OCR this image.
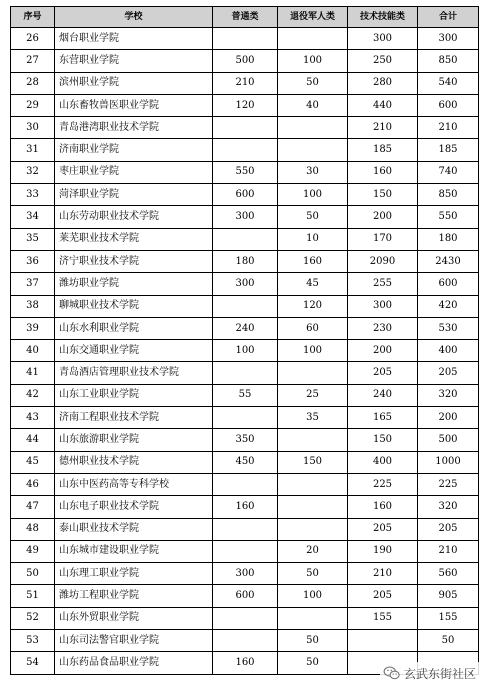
序号	学校	普通类	退役军人类	技术技能类	合计
26	烟台职业学院			300	300
27	东营职业学院	500	100	250	850
28	滨州职业学院	210	50	280	540
29	山东畜牧兽医职业学院	120	40	440	600
30	青岛港湾职业技术学院			210	210
31	济南职业学院			185	185
32	枣庄职业学院	550	30	160	740
33	菏泽职业学院	600	100	150	850
34	山东劳动职业技术学院	300	50	200	550
35	莱芜职业技术学院		10	170	180
36	济宁职业技术学院	180	160	2090	2430
37	潍坊职业学院	300	45	255	600
38	聊城职业技术学院		120	300	420
39	山东水利职业学院	240	60	230	530
40	山东交通职业学院	100	100	200	400
41	青岛酒店管理职业技术学院			205	205
42	山东工业职业学院	55	25	240	320
43	济南工程职业技术学院		35	165	200
44	山东旅游职业学院	350		150	500
45	德州职业技术学院	450	150	400	1000
46	山东中医药高等专科学校			225	225
47	山东电子职业技术学院	160		160	320
48	泰山职业技术学院			205	205
49	山东城市建设职业学院		20	190	210
50	山东理工职业学院	300	50	210	560
51	潍坊工程职业学院	600	100	205	905
52	山东外贸职业学院			155	155
53	山东司法警官职业学院		50		50
54	山东药品食品职业学院	160	50		
玄武东街社区
